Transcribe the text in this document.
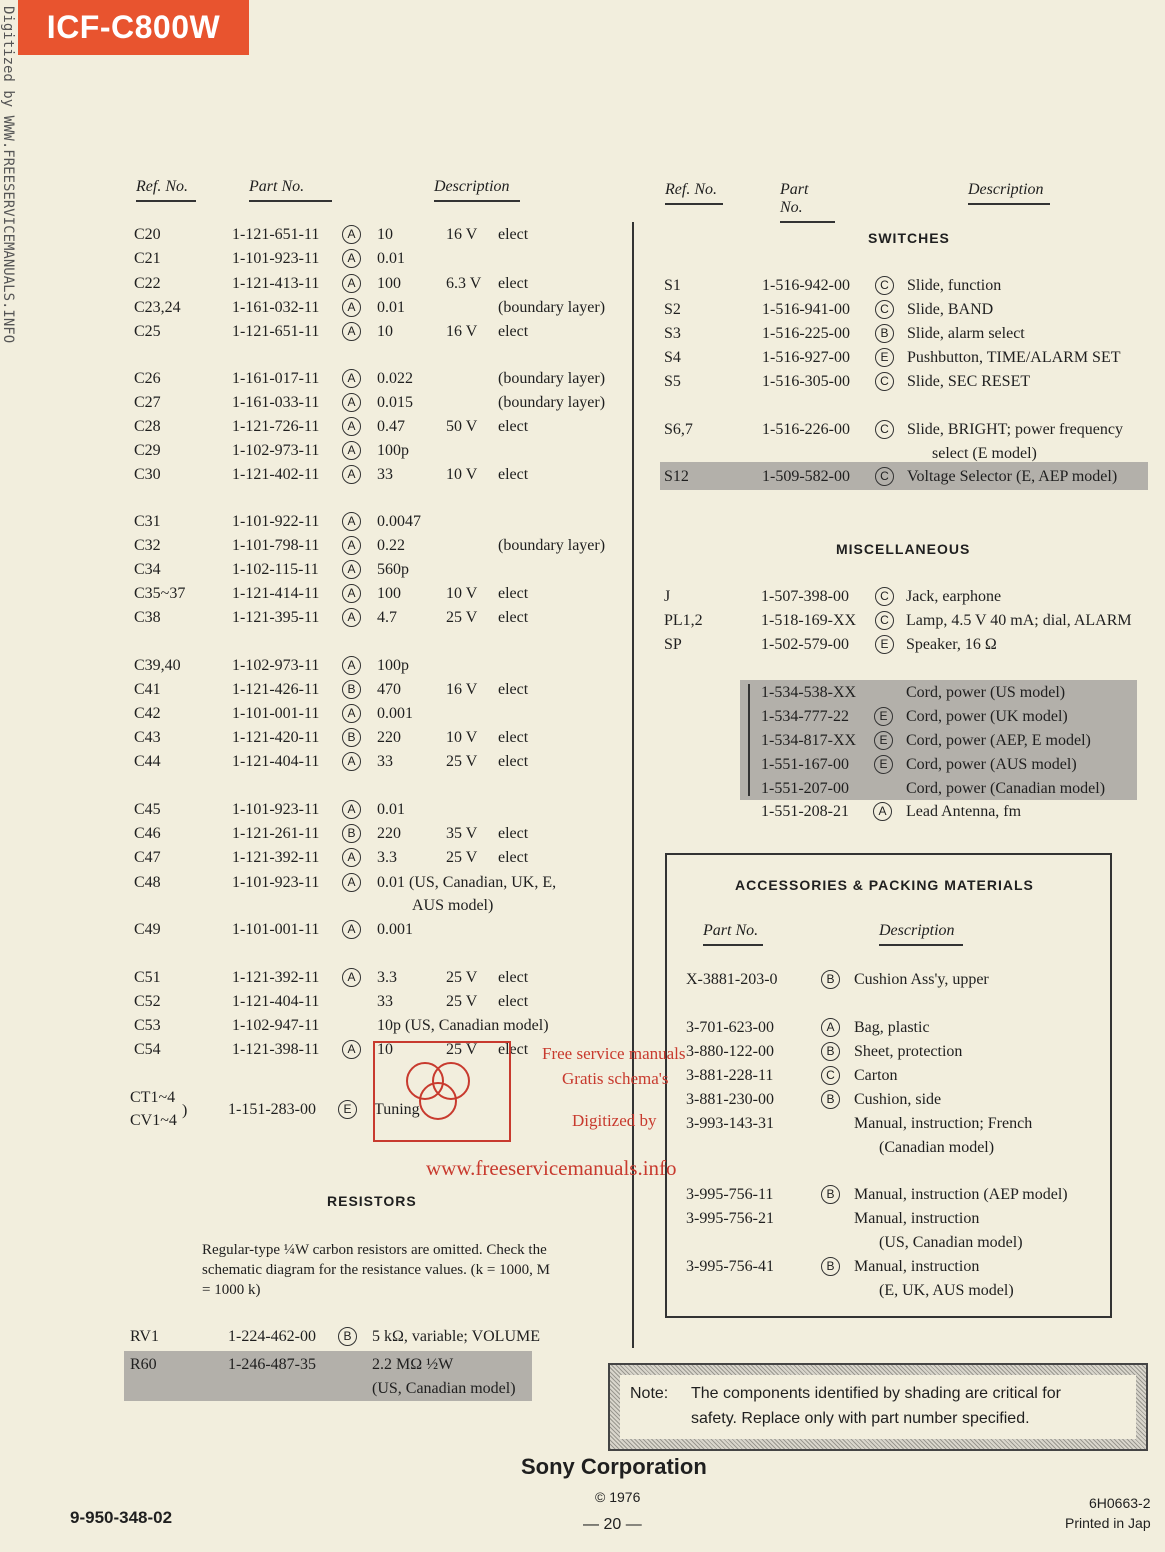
ICF-C800W
Digitized by WWW.FREESERVICEMANUALS.INFO	Ref. No.	Part No.	Description
C20	1-121-651-11	A	10	16 V elect
C21	1-101-923-11	A	0.01
C22	1-121-413-11	A	100	6.3 V elect
C23,24	1-161-032-11	A	0.01	(boundary layer)
C25	1-121-651-11	A	10	16 V elect
C26	1-161-017-11	A	0.022	(boundary layer)
C27	1-161-033-11	A	0.015	(boundary layer)
C28	1-121-726-11	A	0.47	50 V elect
C29	1-102-973-11	A	100p
C30	1-121-402-11	A	33	10 V elect
C31	1-101-922-11	A	0.0047
C32	1-101-798-11	A	0.22	(boundary layer)
C34	1-102-115-11	A	560p
C35~37	1-121-414-11	A	100	10 V elect
C38	1-121-395-11	A	4.7	25 V elect
C39,40	1-102-973-11	A	100p
C41	1-121-426-11	B	470	16 V elect
C42	1-101-001-11	A	0.001
C43	1-121-420-11	B	220	10 V elect
C44	1-121-404-11	A	33	25 V elect
C45	1-101-923-11	A	0.01
C46	1-121-261-11	B	220	35 V elect
C47	1-121-392-11	A	3.3	25 V elect
C48	1-101-923-11	A	0.01 (US, Canadian, UK, E,
AUS model)
C49	1-101-001-11	A	0.001
C51	1-121-392-11	A	3.3	25 V elect
C52	1-121-404-11	33	25 V elect
C53	1-102-947-11	10p (US, Canadian model)
C54	1-121-398-11	A	10	25 V elect
CT1~4
CV1~4
)	1-151-283-00	E	Tuning
RESISTORS
Regular-type ¼W carbon resistors are omitted. Check the schematic diagram for the resistance values. (k = 1000, M = 1000 k)
RV1	1-224-462-00	B	5 kΩ, variable; VOLUME
R60	1-246-487-35	2.2 MΩ ½W
(US, Canadian model)
Ref. No.	Part No.
Description
SWITCHES
S1	1-516-942-00	C	Slide, function
S2	1-516-941-00	C	Slide, BAND
S3	1-516-225-00	B	Slide, alarm select
S4	1-516-927-00	E	Pushbutton, TIME/ALARM SET
S5	1-516-305-00	C	Slide, SEC RESET
S6,7	1-516-226-00	C	Slide, BRIGHT; power frequency
select (E model)
S12	1-509-582-00	C	Voltage Selector (E, AEP model)
MISCELLANEOUS
J	1-507-398-00	C	Jack, earphone
PL1,2	1-518-169-XX	C	Lamp, 4.5 V 40 mA; dial, ALARM
SP	1-502-579-00	E	Speaker, 16 Ω
1-534-538-XX	Cord, power (US model)
1-534-777-22	E	Cord, power (UK model)
1-534-817-XX	E	Cord, power (AEP, E model)
1-551-167-00	E	Cord, power (AUS model)
1-551-207-00	Cord, power (Canadian model)
1-551-208-21	A	Lead Antenna, fm
ACCESSORIES & PACKING MATERIALS
Part No.	Description
X-3881-203-0	B	Cushion Ass'y, upper
3-701-623-00	A	Bag, plastic
3-880-122-00	B	Sheet, protection
3-881-228-11	C	Carton
3-881-230-00	B	Cushion, side
3-993-143-31	Manual, instruction; French
(Canadian model)
3-995-756-11	B	Manual, instruction (AEP model)
3-995-756-21	Manual, instruction
(US, Canadian model)
3-995-756-41	B	Manual, instruction
(E, UK, AUS model)
Free service manuals
Gratis schema's
Digitized by
www.freeservicemanuals.info
Note: The components identified by shading are critical for
safety. Replace only with part number specified.
Sony Corporation
© 1976
— 20 —
9-950-348-02
6H0663-2
Printed in Jap
